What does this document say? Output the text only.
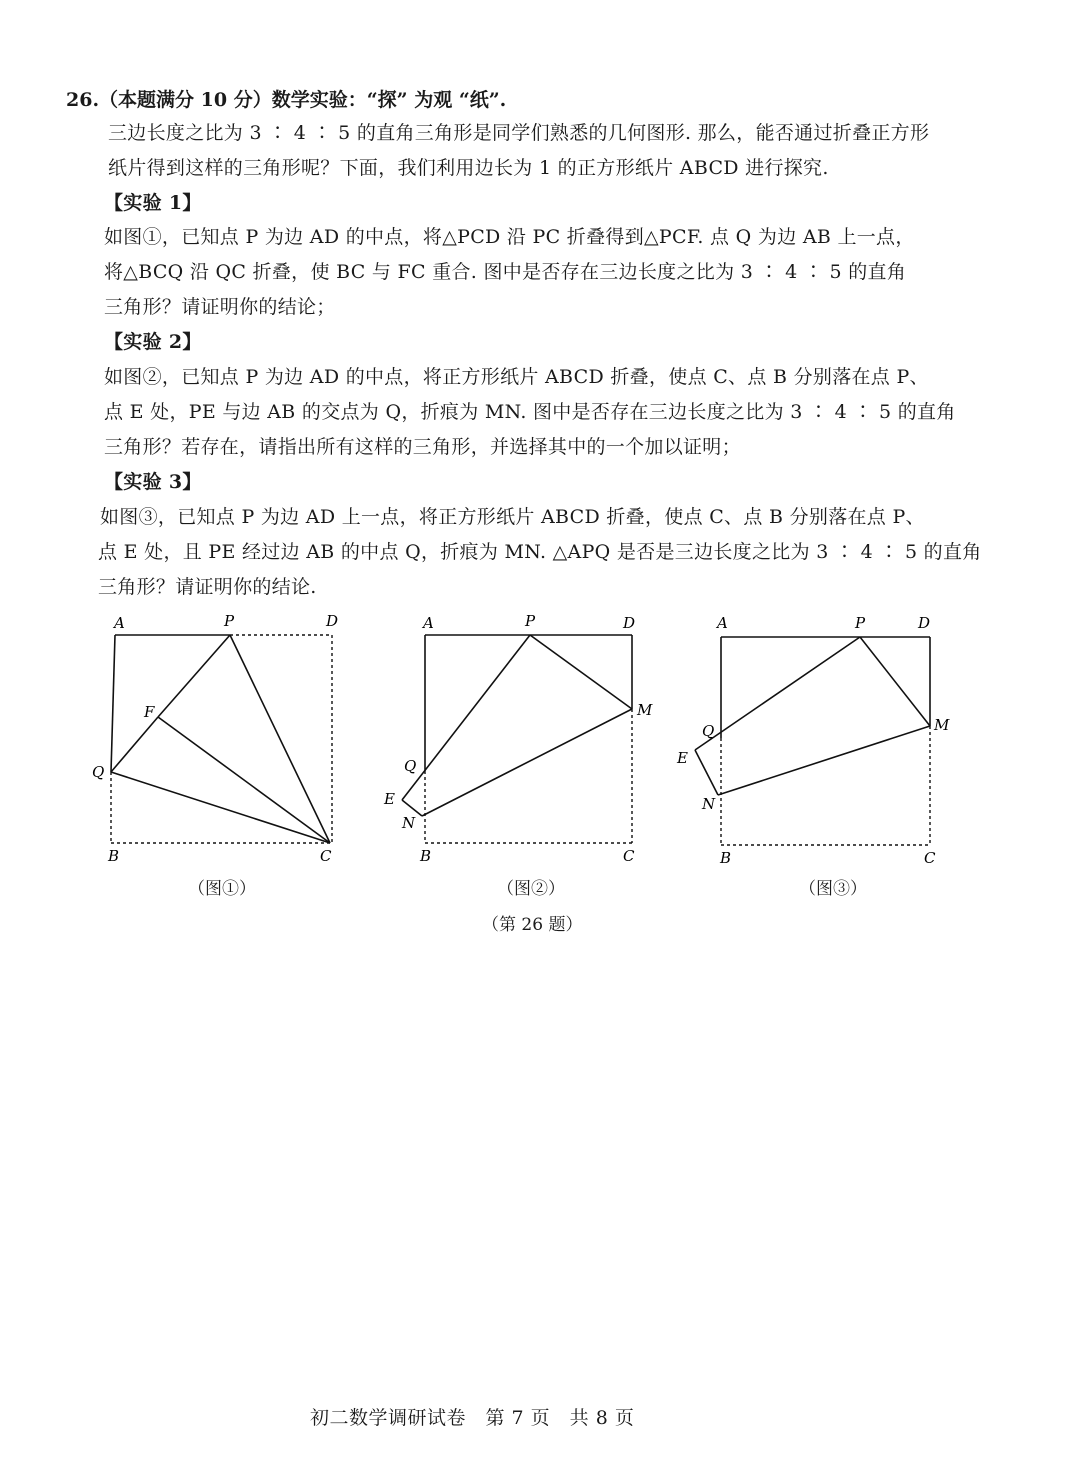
26.（本题满分 10 分）数学实验：“探” 为观 “纸”.
三边长度之比为 3 ∶ 4 ∶ 5 的直角三角形是同学们熟悉的几何图形. 那么，能否通过折叠正方形
纸片得到这样的三角形呢？下面，我们利用边长为 1 的正方形纸片 ABCD 进行探究.
【实验 1】
如图①，已知点 P 为边 AD 的中点，将△PCD 沿 PC 折叠得到△PCF. 点 Q 为边 AB 上一点，
将△BCQ 沿 QC 折叠，使 BC 与 FC 重合. 图中是否存在三边长度之比为 3 ∶ 4 ∶ 5 的直角
三角形？请证明你的结论；
【实验 2】
如图②，已知点 P 为边 AD 的中点，将正方形纸片 ABCD 折叠，使点 C、点 B 分别落在点 P、
点 E 处，PE 与边 AB 的交点为 Q，折痕为 MN. 图中是否存在三边长度之比为 3 ∶ 4 ∶ 5 的直角
三角形？若存在，请指出所有这样的三角形，并选择其中的一个加以证明；
【实验 3】
如图③，已知点 P 为边 AD 上一点，将正方形纸片 ABCD 折叠，使点 C、点 B 分别落在点 P、
点 E 处，且 PE 经过边 AB 的中点 Q，折痕为 MN. △APQ 是否是三边长度之比为 3 ∶ 4 ∶ 5 的直角
三角形？请证明你的结论.
A	P	D
F
Q
B	C
A	P	D
M
Q
E
N
B	C
A	P	D
Q	M
E
N
B	C
（图①）	（图②）	（图③）
（第 26 题）
初二数学调研试卷　第 7 页　共 8 页
